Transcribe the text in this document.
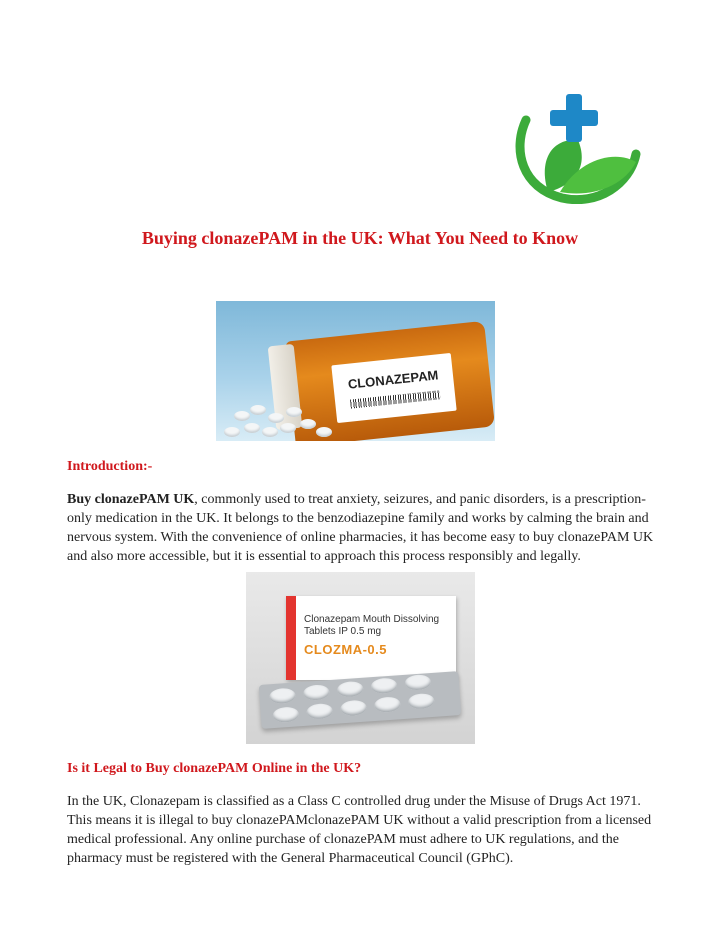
Buying clonazePAM in the UK: What You Need to Know
CLONAZEPAM
Introduction:-

Buy clonazePAM UK, commonly used to treat anxiety, seizures, and panic disorders, is a prescription-only medication in the UK. It belongs to the benzodiazepine family and works by calming the brain and nervous system. With the convenience of online pharmacies, it has become easy to buy clonazePAM UK and also more accessible, but it is essential to approach this process responsibly and legally.

Clonazepam Mouth Dissolving
Tablets IP 0.5 mg
CLOZMA-0.5
Is it Legal to Buy clonazePAM Online in the UK?

In the UK, Clonazepam is classified as a Class C controlled drug under the Misuse of Drugs Act 1971. This means it is illegal to buy clonazePAMclonazePAM UK without a valid prescription from a licensed medical professional. Any online purchase of clonazePAM must adhere to UK regulations, and the pharmacy must be registered with the General Pharmaceutical Council (GPhC).
